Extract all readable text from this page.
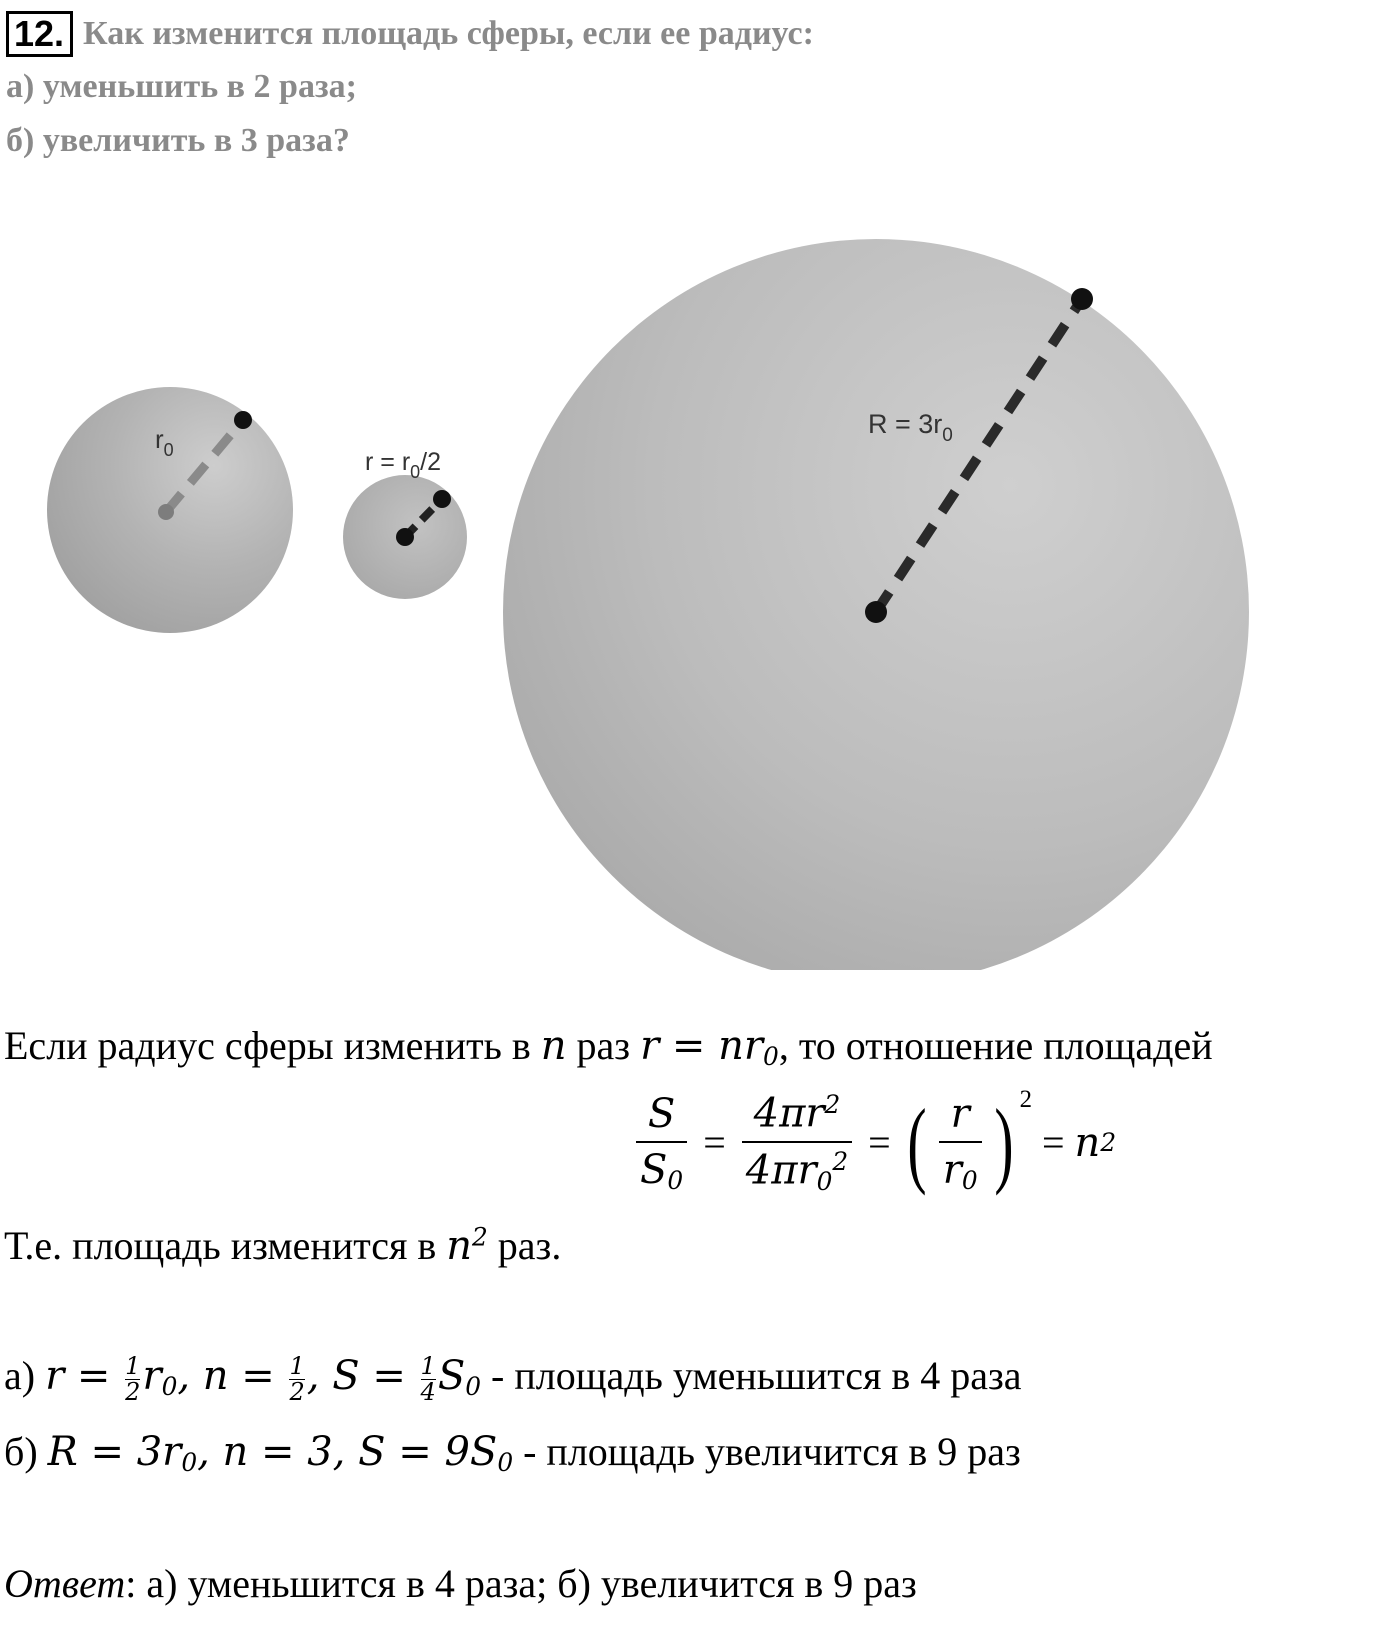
12. Как изменится площадь сферы, если ее радиус:
а) уменьшить в 2 раза;
б) увеличить в 3 раза?
$r_0$	$r = r_0/2$
$R = 3r_0$
Если радиус сферы изменить в n раз $r = nr_0$, то отношение площадей
$\frac{S}{S_0} = \frac{4\pi r^2}{4\pi r_0^2}$ = ( $\frac{r}{r_0}$ ) $^2$
= n 2
Т.е. площадь изменится в $n^2$ раз.
а) $r = \frac{1}{2} r_0$, $n = \frac{1}{2}$ , $S = \frac{1}{4} S_0$ - площадь уменьшится в 4 раза
б) $R = 3r_0$, n = 3, $S = 9S_0$ - площадь увеличится в 9 раз
Ответ: а) уменьшится в 4 раза; б) увеличится в 9 раз
